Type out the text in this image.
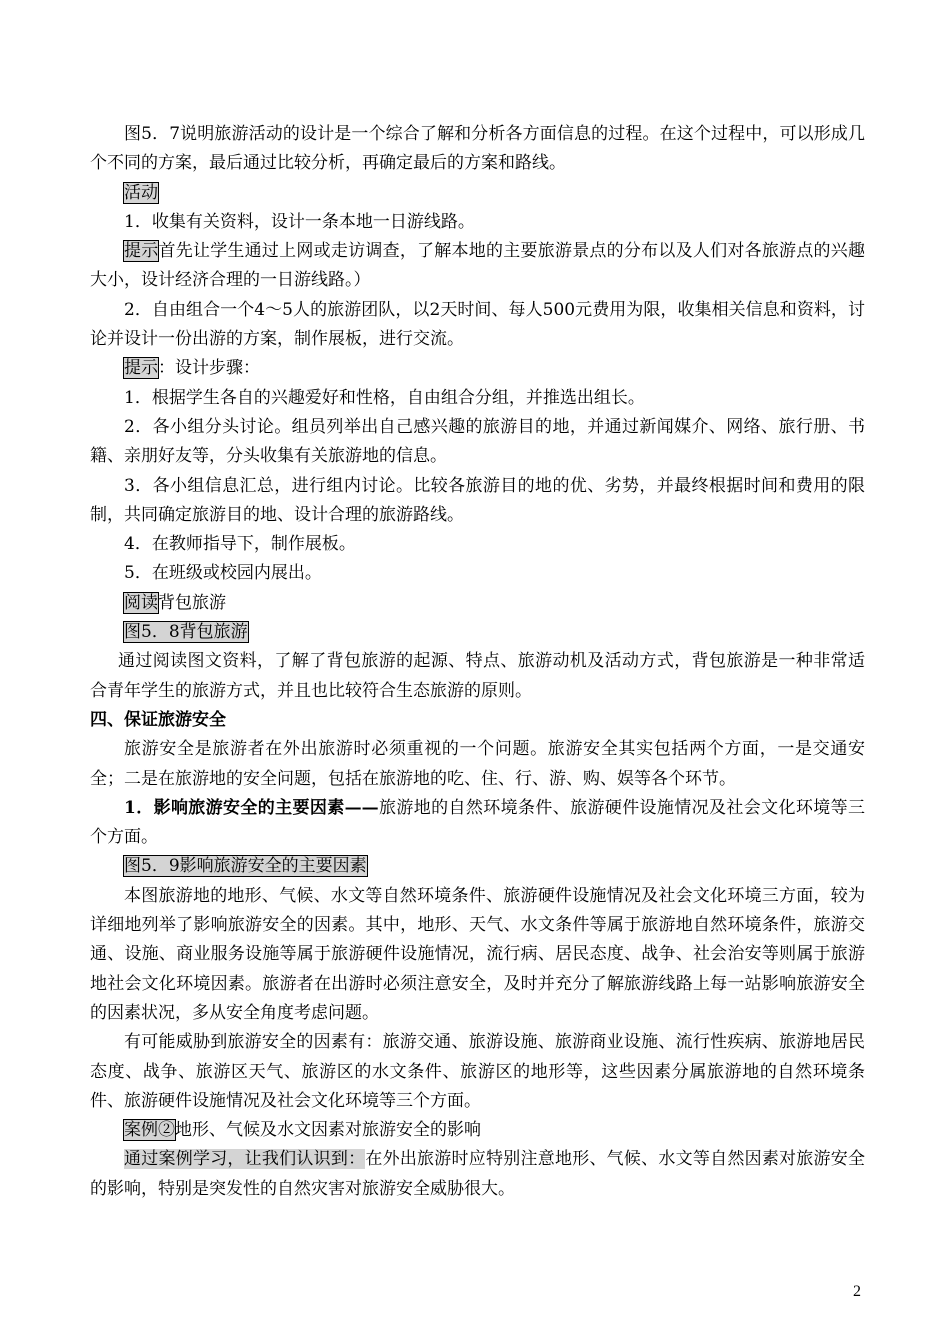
图5．7说明旅游活动的设计是一个综合了解和分析各方面信息的过程。在这个过程中，可以形成几个不同的方案，最后通过比较分析，再确定最后的方案和路线。

活动

1．收集有关资料，设计一条本地一日游线路。

提示首先让学生通过上网或走访调查，了解本地的主要旅游景点的分布以及人们对各旅游点的兴趣大小，设计经济合理的一日游线路。）

2．自由组合一个4～5人的旅游团队，以2天时间、每人500元费用为限，收集相关信息和资料，讨论并设计一份出游的方案，制作展板，进行交流。

提示：设计步骤：

1．根据学生各自的兴趣爱好和性格，自由组合分组，并推选出组长。

2．各小组分头讨论。组员列举出自己感兴趣的旅游目的地，并通过新闻媒介、网络、旅行册、书籍、亲朋好友等，分头收集有关旅游地的信息。

3．各小组信息汇总，进行组内讨论。比较各旅游目的地的优、劣势，并最终根据时间和费用的限制，共同确定旅游目的地、设计合理的旅游路线。

4．在教师指导下，制作展板。

5．在班级或校园内展出。

阅读背包旅游

图5．8背包旅游

通过阅读图文资料，了解了背包旅游的起源、特点、旅游动机及活动方式，背包旅游是一种非常适合青年学生的旅游方式，并且也比较符合生态旅游的原则。

四、保证旅游安全

旅游安全是旅游者在外出旅游时必须重视的一个问题。旅游安全其实包括两个方面，一是交通安全；二是在旅游地的安全问题，包括在旅游地的吃、住、行、游、购、娱等各个环节。

1．影响旅游安全的主要因素——旅游地的自然环境条件、旅游硬件设施情况及社会文化环境等三个方面。

图5．9影响旅游安全的主要因素

本图旅游地的地形、气候、水文等自然环境条件、旅游硬件设施情况及社会文化环境三方面，较为详细地列举了影响旅游安全的因素。其中，地形、天气、水文条件等属于旅游地自然环境条件，旅游交通、设施、商业服务设施等属于旅游硬件设施情况，流行病、居民态度、战争、社会治安等则属于旅游地社会文化环境因素。旅游者在出游时必须注意安全，及时并充分了解旅游线路上每一站影响旅游安全的因素状况，多从安全角度考虑问题。

有可能威胁到旅游安全的因素有：旅游交通、旅游设施、旅游商业设施、流行性疾病、旅游地居民态度、战争、旅游区天气、旅游区的水文条件、旅游区的地形等，这些因素分属旅游地的自然环境条件、旅游硬件设施情况及社会文化环境等三个方面。

案例②地形、气候及水文因素对旅游安全的影响

通过案例学习，让我们认识到：在外出旅游时应特别注意地形、气候、水文等自然因素对旅游安全的影响，特别是突发性的自然灾害对旅游安全威胁很大。

2
